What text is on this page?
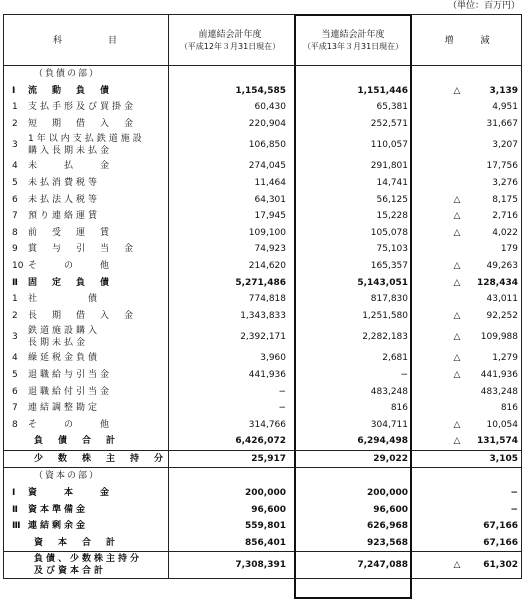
（単位：百万円）
科　　　　目
前連結会計年度
（平成12年３月31日現在）
当連結会計年度
（平成13年３月31日現在）
増　　　減
（負債の部）
Ⅰ	流　動　負　債	1,154,585	1,151,446	△	3,139
1	支払手形及び買掛金	60,430	65,381	4,951
2	短　期　借　入　金	220,904	252,571	31,667
3
1年以内支払鉄道施設
購入長期未払金
106,850	110,057	3,207
4	未　　払　　金	274,045	291,801	17,756
5	未払消費税等	11,464	14,741	3,276
6	未払法人税等	64,301	56,125	△	8,175
7	預り連絡運賃	17,945	15,228	△	2,716
8	前　受　運　賃	109,100	105,078	△	4,022
9	賞　与　引　当　金	74,923	75,103	179
10 そ　　の　　他	214,620	165,357	△	49,263
Ⅱ	固　定　負　債	5,271,486	5,143,051	△	128,434
1	社　　　　債	774,818	817,830	43,011
2	長　期　借　入　金	1,343,833	1,251,580	△	92,252
3
鉄道施設購入
長期未払金
2,392,171	2,282,183	△	109,988
4	繰延税金負債	3,960	2,681	△	1,279
5	退職給与引当金	441,936	−	△	441,936
6	退職給付引当金	−	483,248	483,248
7	連結調整勘定	−	816	816
8	そ　　の　　他	314,766	304,711	△	10,054
負　債　合　計	6,426,072	6,294,498	△	131,574
少　数　株　主　持　分	25,917	29,022	3,105
（資本の部）
Ⅰ	資　　本　　金	200,000	200,000	−
Ⅱ	資本準備金	96,600	96,600	−
Ⅲ 連結剰余金	559,801	626,968	67,166
資　本　合　計	856,401	923,568	67,166
負債、少数株主持分
及び資本合計
7,308,391	7,247,088	△	61,302
